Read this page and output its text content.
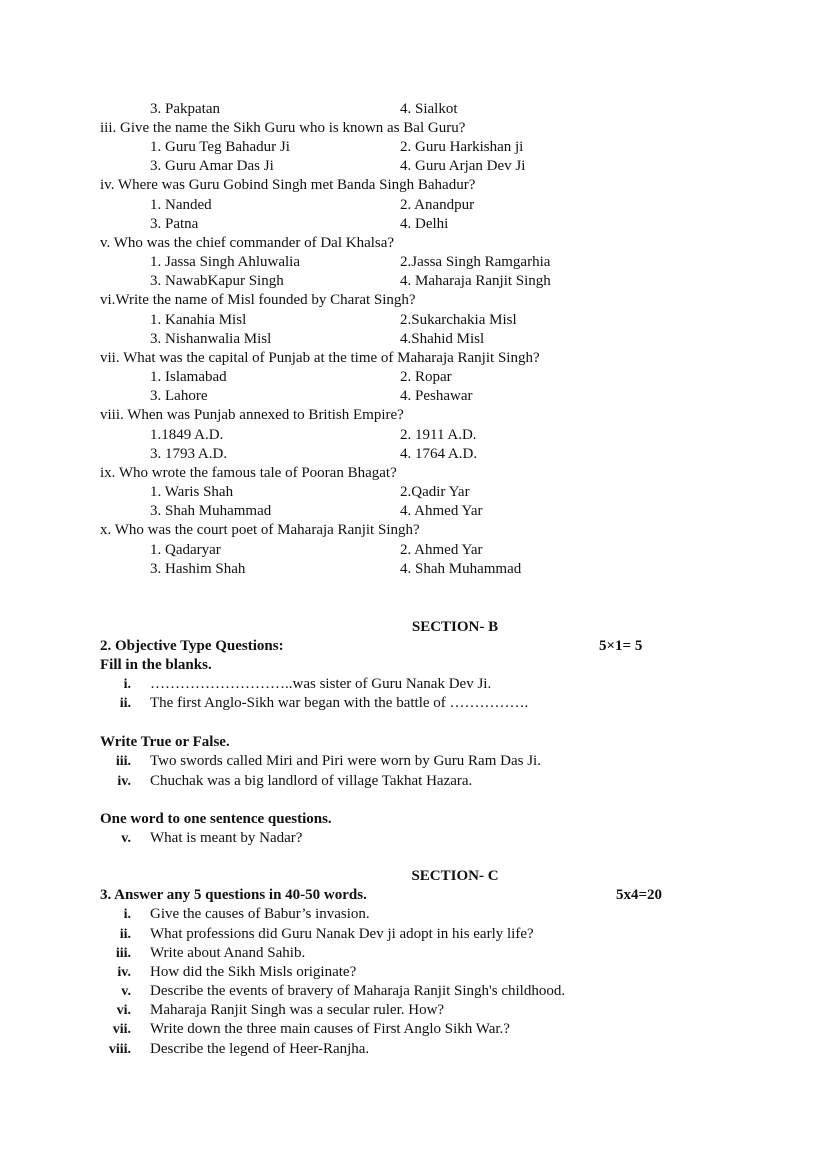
3. Pakpatan	4. Sialkot
iii. Give the name the Sikh Guru who is known as Bal Guru?
1. Guru Teg Bahadur Ji	2. Guru Harkishan ji
3. Guru Amar Das Ji	4. Guru Arjan Dev Ji
iv. Where was Guru Gobind Singh met Banda Singh Bahadur?
1. Nanded	2. Anandpur
3. Patna	4. Delhi
v. Who was the chief commander of Dal Khalsa?
1. Jassa Singh Ahluwalia	2.Jassa Singh Ramgarhia
3. NawabKapur Singh	4. Maharaja Ranjit Singh
vi.Write the name of Misl founded by Charat Singh?
1. Kanahia Misl	2.Sukarchakia Misl
3. Nishanwalia Misl	4.Shahid Misl
vii. What was the capital of Punjab at the time of Maharaja Ranjit Singh?
1. Islamabad	2. Ropar
3. Lahore	4. Peshawar
viii. When was Punjab annexed to British Empire?
1.1849 A.D.	2. 1911 A.D.
3. 1793 A.D.	4. 1764 A.D.
ix. Who wrote the famous tale of Pooran Bhagat?
1. Waris Shah	2.Qadir Yar
3. Shah Muhammad	4. Ahmed Yar
x. Who was the court poet of Maharaja Ranjit Singh?
1. Qadaryar	2. Ahmed Yar
3. Hashim Shah	4. Shah Muhammad
SECTION- B
2. Objective Type Questions:	5×1= 5
Fill in the blanks.
i. ………………………..was sister of Guru Nanak Dev Ji.
ii. The first Anglo-Sikh war began with the battle of …………….
Write True or False.
iii. Two swords called Miri and Piri were worn by Guru Ram Das Ji.
iv. Chuchak was a big landlord of village Takhat Hazara.
One word to one sentence questions.
v. What is meant by Nadar?
SECTION- C
3. Answer any 5 questions in 40-50 words.	5x4=20
i. Give the causes of Babur’s invasion.
ii. What professions did Guru Nanak Dev ji adopt in his early life?
iii. Write about Anand Sahib.
iv. How did the Sikh Misls originate?
v. Describe the events of bravery of Maharaja Ranjit Singh's childhood.
vi. Maharaja Ranjit Singh was a secular ruler. How?
vii. Write down the three main causes of First Anglo Sikh War.?
viii. Describe the legend of Heer-Ranjha.
